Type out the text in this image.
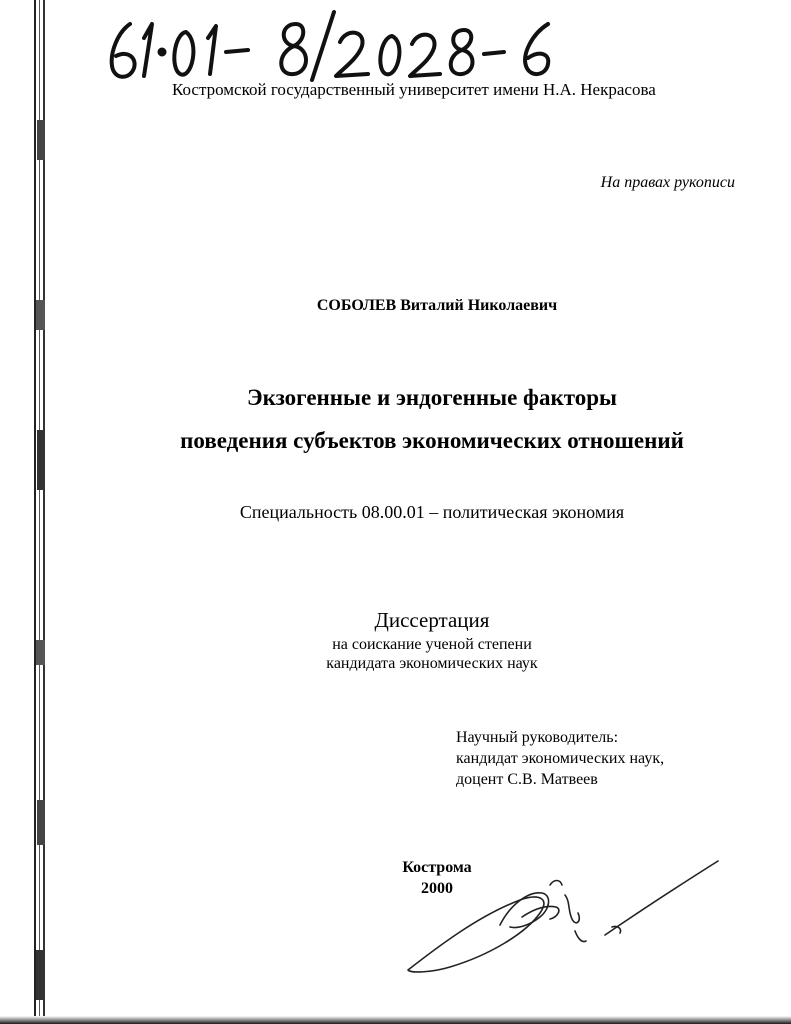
Костромской государственный университет имени Н.А. Некрасова
На правах рукописи
СОБОЛЕВ Виталий Николаевич
Экзогенные и эндогенные факторы
поведения субъектов экономических отношений
Специальность 08.00.01 – политическая экономия
Диссертация
на соискание ученой степени
кандидата экономических наук
Научный руководитель:
кандидат экономических наук,
доцент С.В. Матвеев
Кострома
2000
